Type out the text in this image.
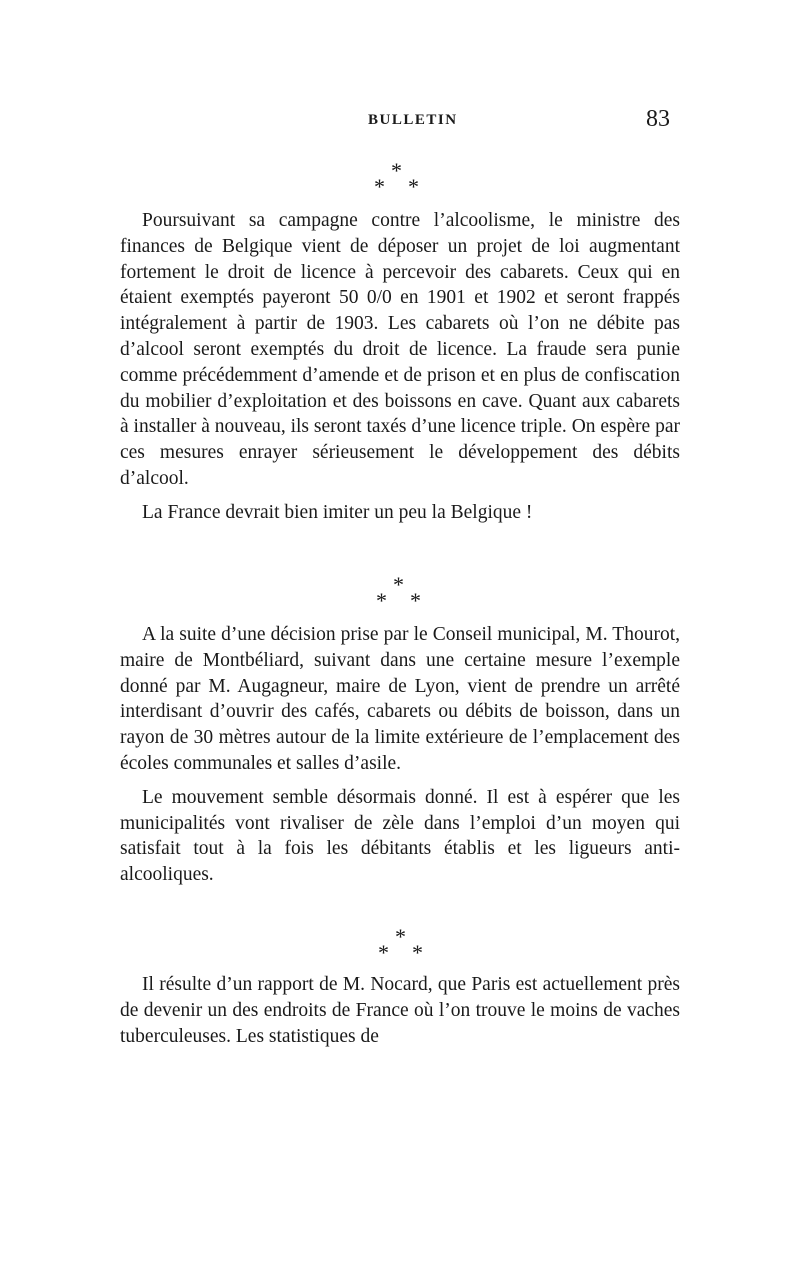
BULLETIN	83
*
* *

Poursuivant sa campagne contre l’alcoolisme, le ministre des finances de Belgique vient de déposer un projet de loi augmentant fortement le droit de licence à percevoir des cabarets. Ceux qui en étaient exemptés payeront 50 0/0 en 1901 et 1902 et seront frappés intégralement à partir de 1903. Les cabarets où l’on ne débite pas d’alcool seront exemptés du droit de licence. La fraude sera punie comme précédemment d’amende et de prison et en plus de confiscation du mobilier d’exploitation et des boissons en cave. Quant aux cabarets à installer à nouveau, ils seront taxés d’une licence triple. On espère par ces mesures enrayer sérieusement le développement des débits d’alcool.

La France devrait bien imiter un peu la Belgique !

*
* *

A la suite d’une décision prise par le Conseil municipal, M. Thourot, maire de Montbéliard, suivant dans une certaine mesure l’exemple donné par M. Augagneur, maire de Lyon, vient de prendre un arrêté interdisant d’ouvrir des cafés, cabarets ou débits de boisson, dans un rayon de 30 mètres autour de la limite extérieure de l’emplacement des écoles communales et salles d’asile.

Le mouvement semble désormais donné. Il est à espérer que les municipalités vont rivaliser de zèle dans l’emploi d’un moyen qui satisfait tout à la fois les débitants établis et les ligueurs anti-alcooliques.

*
* *

Il résulte d’un rapport de M. Nocard, que Paris est actuellement près de devenir un des endroits de France où l’on trouve le moins de vaches tuberculeuses. Les statistiques de
